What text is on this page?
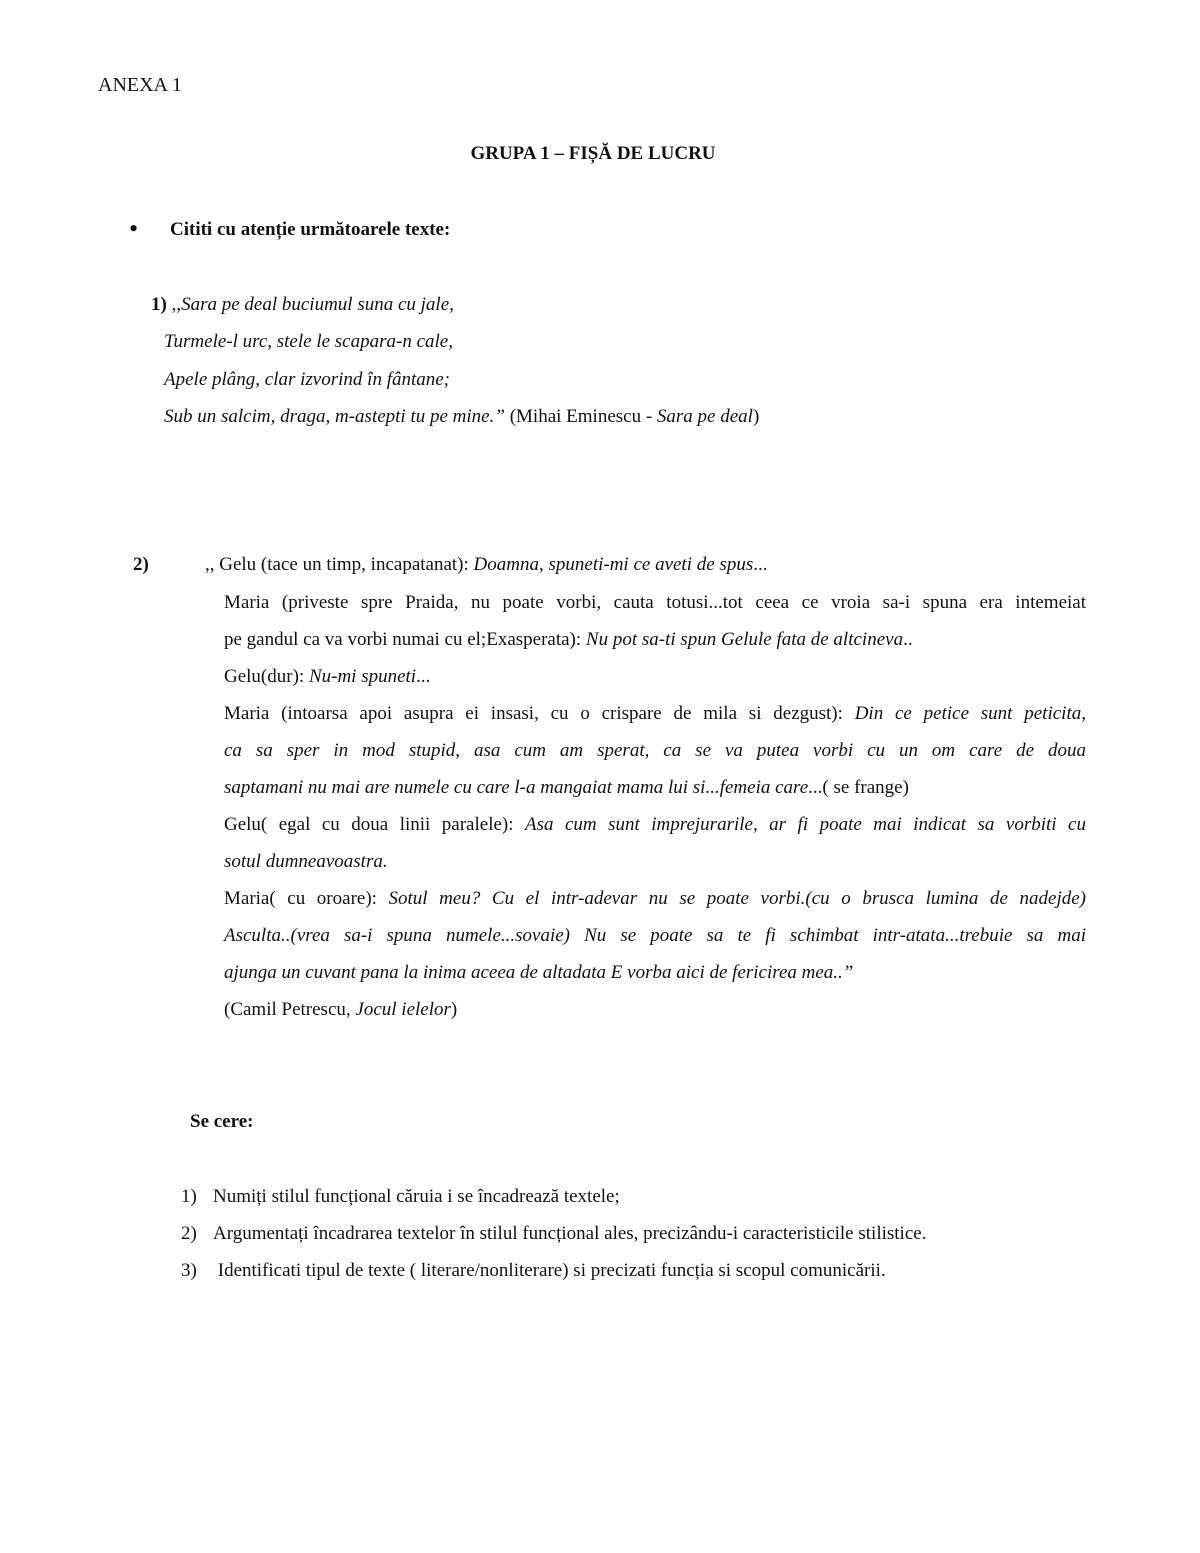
ANEXA 1
GRUPA 1 – FIȘĂ DE LUCRU
• Cititi cu atenție următoarele texte:
1) ,,Sara pe deal buciumul suna cu jale,
Turmele-l urc, stele le scapara-n cale,
Apele plâng, clar izvorind în fântane;
Sub un salcim, draga, m-astepti tu pe mine.” (Mihai Eminescu - Sara pe deal)
2)	,, Gelu (tace un timp, incapatanat): Doamna, spuneti-mi ce aveti de spus...
Maria (priveste spre Praida, nu poate vorbi, cauta totusi...tot ceea ce vroia sa-i spuna era intemeiat
pe gandul ca va vorbi numai cu el;Exasperata): Nu pot sa-ti spun Gelule fata de altcineva..
Gelu(dur): Nu-mi spuneti...
Maria (intoarsa apoi asupra ei insasi, cu o crispare de mila si dezgust): Din ce petice sunt peticita,
ca sa sper in mod stupid, asa cum am sperat, ca se va putea vorbi cu un om care de doua
saptamani nu mai are numele cu care l-a mangaiat mama lui si...femeia care...( se frange)
Gelu( egal cu doua linii paralele): Asa cum sunt imprejurarile, ar fi poate mai indicat sa vorbiti cu
sotul dumneavoastra.
Maria( cu oroare): Sotul meu? Cu el intr-adevar nu se poate vorbi.(cu o brusca lumina de nadejde)
Asculta..(vrea sa-i spuna numele...sovaie) Nu se poate sa te fi schimbat intr-atata...trebuie sa mai
ajunga un cuvant pana la inima aceea de altadata E vorba aici de fericirea mea..”
(Camil Petrescu, Jocul ielelor)
Se cere:
1) Numiți stilul funcțional căruia i se încadrează textele;
2) Argumentați încadrarea textelor în stilul funcțional ales, precizându-i caracteristicile stilistice.
3) Identificati tipul de texte ( literare/nonliterare) si precizati funcția si scopul comunicării.
